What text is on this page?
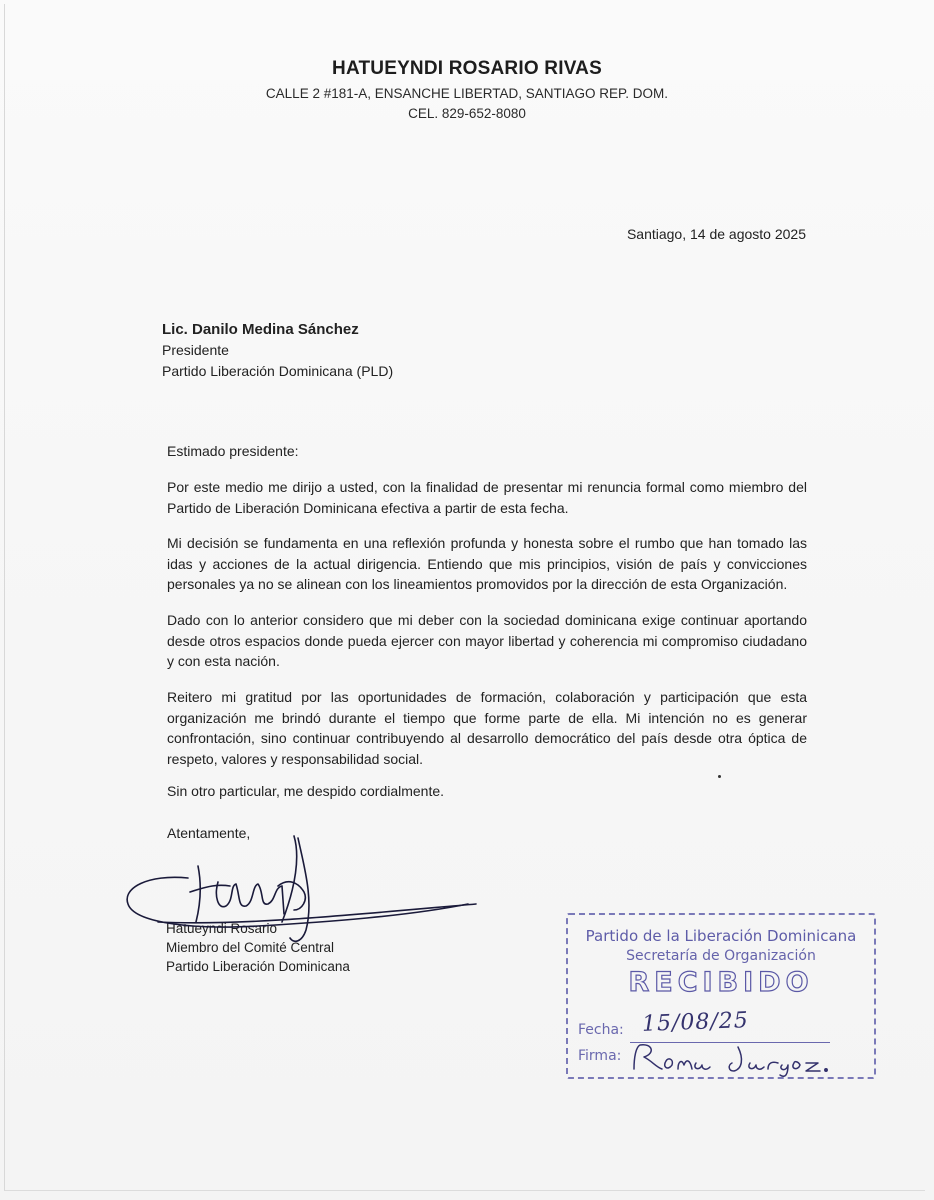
HATUEYNDI ROSARIO RIVAS
CALLE 2 #181-A, ENSANCHE LIBERTAD, SANTIAGO REP. DOM.
CEL. 829-652-8080
Santiago, 14 de agosto 2025
Lic. Danilo Medina Sánchez
Presidente
Partido Liberación Dominicana (PLD)
Estimado presidente:
Por este medio me dirijo a usted, con la finalidad de presentar mi renuncia formal como miembro del Partido de Liberación Dominicana efectiva a partir de esta fecha.
Mi decisión se fundamenta en una reflexión profunda y honesta sobre el rumbo que han tomado las idas y acciones de la actual dirigencia. Entiendo que mis principios, visión de país y convicciones personales ya no se alinean con los lineamientos promovidos por la dirección de esta Organización.
Dado con lo anterior considero que mi deber con la sociedad dominicana exige continuar aportando desde otros espacios donde pueda ejercer con mayor libertad y coherencia mi compromiso ciudadano y con esta nación.
Reitero mi gratitud por las oportunidades de formación, colaboración y participación que esta organización me brindó durante el tiempo que forme parte de ella. Mi intención no es generar confrontación, sino continuar contribuyendo al desarrollo democrático del país desde otra óptica de respeto, valores y responsabilidad social.
Sin otro particular, me despido cordialmente.
Atentamente,
Hatueyndi Rosario
Miembro del Comité Central
Partido Liberación Dominicana
Partido de la Liberación Dominicana
Secretaría de Organización
RECIBIDO
Fecha: 15/08/25
Firma:
